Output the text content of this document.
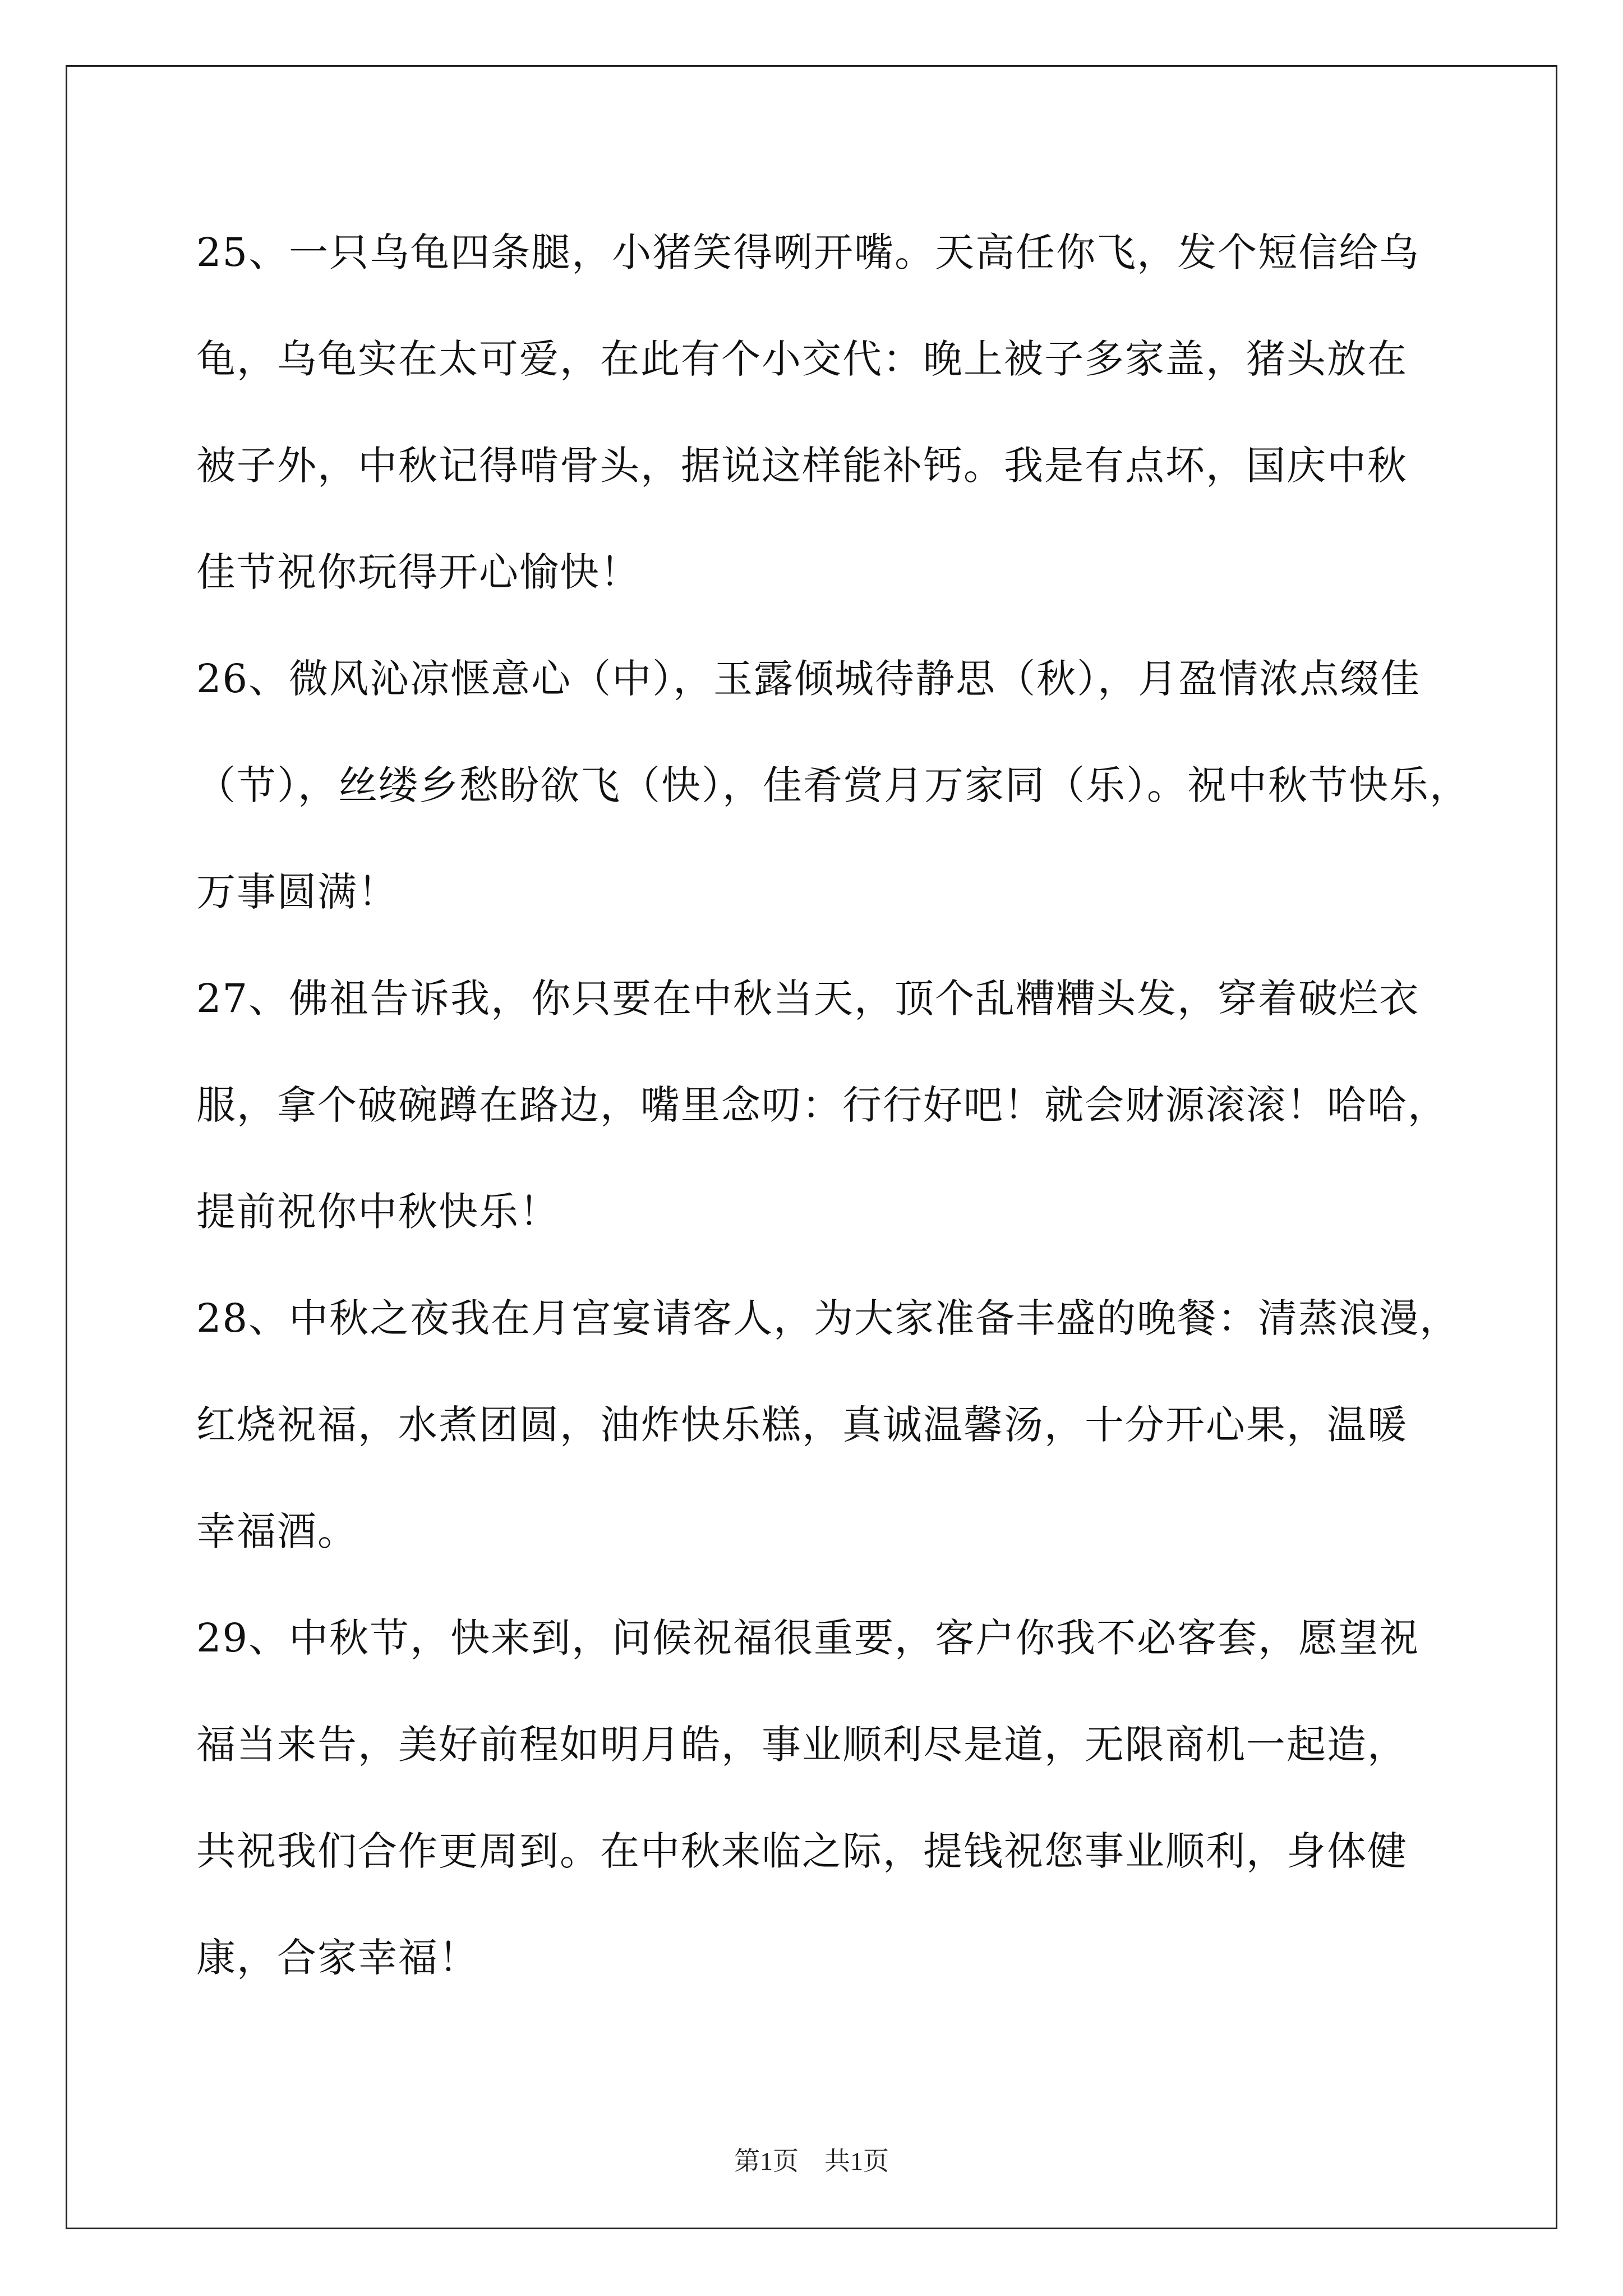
25、一只乌龟四条腿，小猪笑得咧开嘴。天高任你飞，发个短信给乌
龟，乌龟实在太可爱，在此有个小交代：晚上被子多家盖，猪头放在
被子外，中秋记得啃骨头，据说这样能补钙。我是有点坏，国庆中秋
佳节祝你玩得开心愉快！
26、微风沁凉惬意心（中），玉露倾城待静思（秋），月盈情浓点缀佳
（节），丝缕乡愁盼欲飞（快），佳肴赏月万家同（乐）。祝中秋节快乐，
万事圆满！
27、佛祖告诉我，你只要在中秋当天，顶个乱糟糟头发，穿着破烂衣
服，拿个破碗蹲在路边，嘴里念叨：行行好吧！就会财源滚滚！哈哈，
提前祝你中秋快乐！
28、中秋之夜我在月宫宴请客人，为大家准备丰盛的晚餐：清蒸浪漫，
红烧祝福，水煮团圆，油炸快乐糕，真诚温馨汤，十分开心果，温暖
幸福酒。
29、中秋节，快来到，问候祝福很重要，客户你我不必客套，愿望祝
福当来告，美好前程如明月皓，事业顺利尽是道，无限商机一起造，
共祝我们合作更周到。在中秋来临之际，提钱祝您事业顺利，身体健
康，合家幸福！
第1页　共1页
